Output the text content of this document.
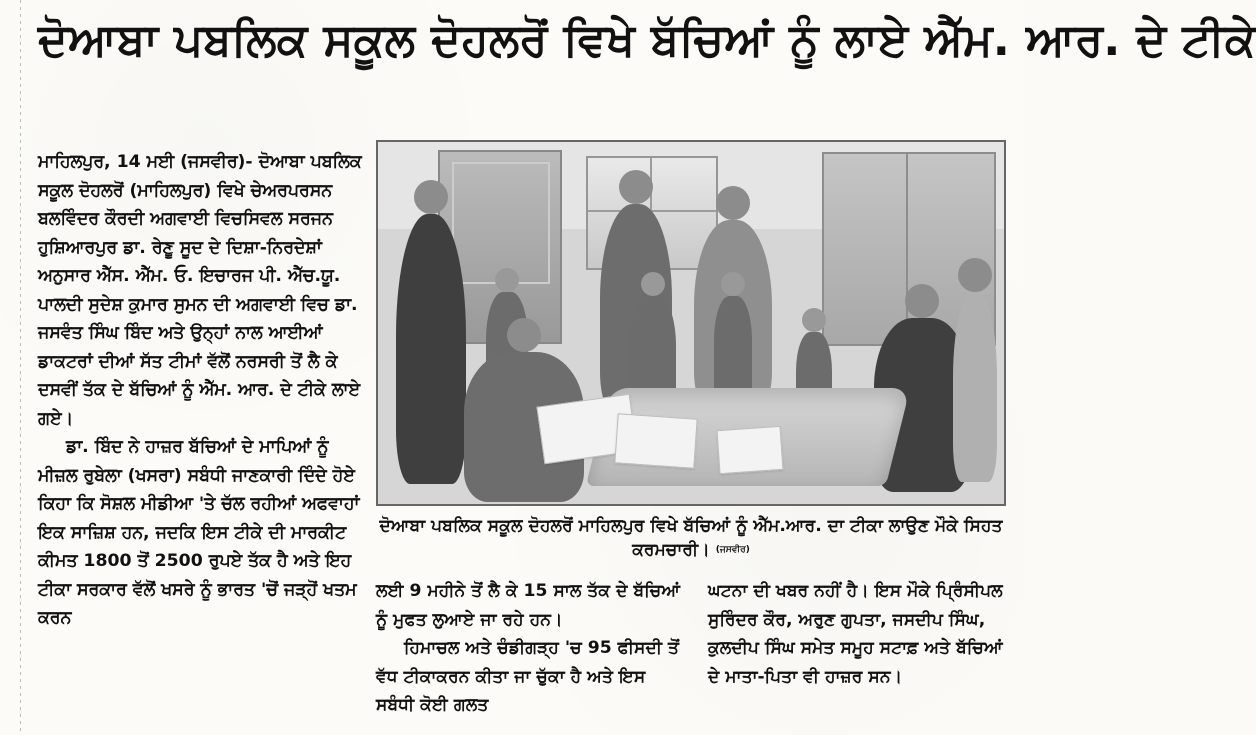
ਦੋਆਬਾ ਪਬਲਿਕ ਸਕੂਲ ਦੋਹਲਰੋਂ ਵਿਖੇ ਬੱਚਿਆਂ ਨੂੰ ਲਾਏ ਐੱਮ. ਆਰ. ਦੇ ਟੀਕੇ

ਮਾਹਿਲਪੁਰ, 14 ਮਈ (ਜਸਵੀਰ)- ਦੋਆਬਾ ਪਬਲਿਕ ਸਕੂਲ ਦੋਹਲਰੋਂ (ਮਾਹਿਲਪੁਰ) ਵਿਖੇ ਚੇਅਰਪਰਸਨ ਬਲਵਿੰਦਰ ਕੌਰਦੀ ਅਗਵਾਈ ਵਿਚਸਿਵਲ ਸਰਜਨ ਹੁਸ਼ਿਆਰਪੁਰ ਡਾ. ਰੇਣੂ ਸੂਦ ਦੇ ਦਿਸ਼ਾ-ਨਿਰਦੇਸ਼ਾਂ ਅਨੁਸਾਰ ਐੱਸ. ਐੱਮ. ਓ. ਇਚਾਰਜ ਪੀ. ਐੱਚ.ਯੂ. ਪਾਲਦੀ ਸੁਦੇਸ਼ ਕੁਮਾਰ ਸੁਮਨ ਦੀ ਅਗਵਾਈ ਵਿਚ ਡਾ. ਜਸਵੰਤ ਸਿੰਘ ਬਿੰਦ ਅਤੇ ਉਨ੍ਹਾਂ ਨਾਲ ਆਈਆਂ ਡਾਕਟਰਾਂ ਦੀਆਂ ਸੱਤ ਟੀਮਾਂ ਵੱਲੋਂ ਨਰਸਰੀ ਤੋਂ ਲੈ ਕੇ ਦਸਵੀਂ ਤੱਕ ਦੇ ਬੱਚਿਆਂ ਨੂੰ ਐੱਮ. ਆਰ. ਦੇ ਟੀਕੇ ਲਾਏ ਗਏ।

ਡਾ. ਬਿੰਦ ਨੇ ਹਾਜ਼ਰ ਬੱਚਿਆਂ ਦੇ ਮਾਪਿਆਂ ਨੂੰ ਮੀਜ਼ਲ ਰੁਬੇਲਾ (ਖਸਰਾ) ਸਬੰਧੀ ਜਾਣਕਾਰੀ ਦਿੰਦੇ ਹੋਏ ਕਿਹਾ ਕਿ ਸੋਸ਼ਲ ਮੀਡੀਆ 'ਤੇ ਚੱਲ ਰਹੀਆਂ ਅਫਵਾਹਾਂ ਇਕ ਸਾਜ਼ਿਸ਼ ਹਨ, ਜਦਕਿ ਇਸ ਟੀਕੇ ਦੀ ਮਾਰਕੀਟ ਕੀਮਤ 1800 ਤੋਂ 2500 ਰੁਪਏ ਤੱਕ ਹੈ ਅਤੇ ਇਹ ਟੀਕਾ ਸਰਕਾਰ ਵੱਲੋਂ ਖਸਰੇ ਨੂੰ ਭਾਰਤ 'ਚੋਂ ਜੜ੍ਹੋਂ ਖਤਮ ਕਰਨ

ਦੋਆਬਾ ਪਬਲਿਕ ਸਕੂਲ ਦੋਹਲਰੋਂ ਮਾਹਿਲਪੁਰ ਵਿਖੇ ਬੱਚਿਆਂ ਨੂੰ ਐੱਮ.ਆਰ. ਦਾ ਟੀਕਾ ਲਾਉਣ ਮੌਕੇ ਸਿਹਤ ਕਰਮਚਾਰੀ। (ਜਸਵੀਰ)

ਲਈ 9 ਮਹੀਨੇ ਤੋਂ ਲੈ ਕੇ 15 ਸਾਲ ਤੱਕ ਦੇ ਬੱਚਿਆਂ ਨੂੰ ਮੁਫਤ ਲੁਆਏ ਜਾ ਰਹੇ ਹਨ।

ਹਿਮਾਚਲ ਅਤੇ ਚੰਡੀਗੜ੍ਹ 'ਚ 95 ਫੀਸਦੀ ਤੋਂ ਵੱਧ ਟੀਕਾਕਰਨ ਕੀਤਾ ਜਾ ਚੁੱਕਾ ਹੈ ਅਤੇ ਇਸ ਸਬੰਧੀ ਕੋਈ ਗਲਤ

ਘਟਨਾ ਦੀ ਖਬਰ ਨਹੀਂ ਹੈ। ਇਸ ਮੌਕੇ ਪ੍ਰਿੰਸੀਪਲ ਸੁਰਿੰਦਰ ਕੌਰ, ਅਰੁਣ ਗੁਪਤਾ, ਜਸਦੀਪ ਸਿੰਘ, ਕੁਲਦੀਪ ਸਿੰਘ ਸਮੇਤ ਸਮੂਹ ਸਟਾਫ਼ ਅਤੇ ਬੱਚਿਆਂ ਦੇ ਮਾਤਾ-ਪਿਤਾ ਵੀ ਹਾਜ਼ਰ ਸਨ।
